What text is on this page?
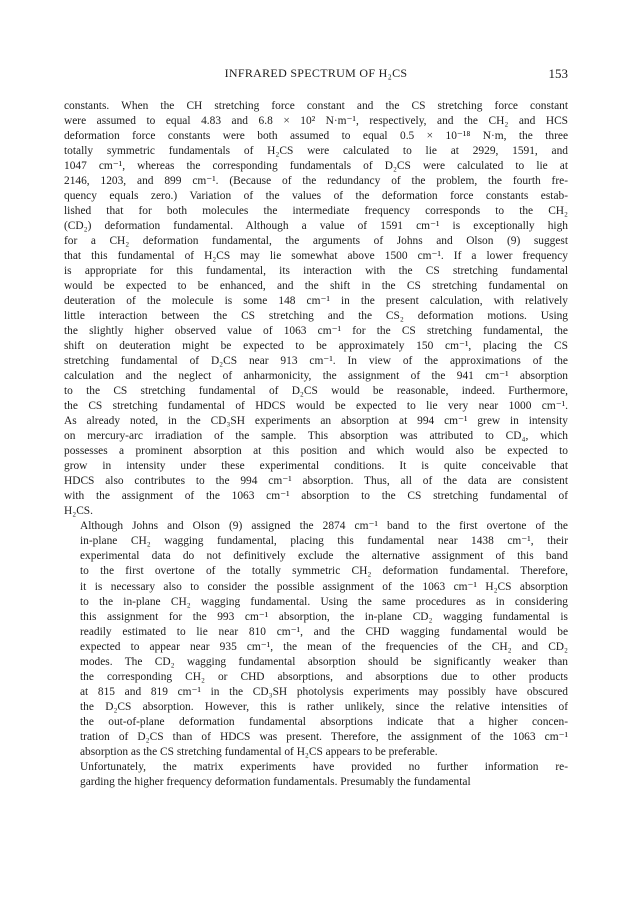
INFRARED SPECTRUM OF H₂CS	153

constants. When the CH stretching force constant and the CS stretching force constant
were assumed to equal 4.83 and 6.8 × 10² N·m⁻¹, respectively, and the CH₂ and HCS
deformation force constants were both assumed to equal 0.5 × 10⁻¹⁸ N·m, the three
totally symmetric fundamentals of H₂CS were calculated to lie at 2929, 1591, and
1047 cm⁻¹, whereas the corresponding fundamentals of D₂CS were calculated to lie at
2146, 1203, and 899 cm⁻¹. (Because of the redundancy of the problem, the fourth fre-
quency equals zero.) Variation of the values of the deformation force constants estab-
lished that for both molecules the intermediate frequency corresponds to the CH₂
(CD₂) deformation fundamental. Although a value of 1591 cm⁻¹ is exceptionally high
for a CH₂ deformation fundamental, the arguments of Johns and Olson (9) suggest
that this fundamental of H₂CS may lie somewhat above 1500 cm⁻¹. If a lower frequency
is appropriate for this fundamental, its interaction with the CS stretching fundamental
would be expected to be enhanced, and the shift in the CS stretching fundamental on
deuteration of the molecule is some 148 cm⁻¹ in the present calculation, with relatively
little interaction between the CS stretching and the CS₂ deformation motions. Using
the slightly higher observed value of 1063 cm⁻¹ for the CS stretching fundamental, the
shift on deuteration might be expected to be approximately 150 cm⁻¹, placing the CS
stretching fundamental of D₂CS near 913 cm⁻¹. In view of the approximations of the
calculation and the neglect of anharmonicity, the assignment of the 941 cm⁻¹ absorption
to the CS stretching fundamental of D₂CS would be reasonable, indeed. Furthermore,
the CS stretching fundamental of HDCS would be expected to lie very near 1000 cm⁻¹.
As already noted, in the CD₃SH experiments an absorption at 994 cm⁻¹ grew in intensity
on mercury-arc irradiation of the sample. This absorption was attributed to CD₄, which
possesses a prominent absorption at this position and which would also be expected to
grow in intensity under these experimental conditions. It is quite conceivable that
HDCS also contributes to the 994 cm⁻¹ absorption. Thus, all of the data are consistent
with the assignment of the 1063 cm⁻¹ absorption to the CS stretching fundamental of
H₂CS.

Although Johns and Olson (9) assigned the 2874 cm⁻¹ band to the first overtone of the
in-plane CH₂ wagging fundamental, placing this fundamental near 1438 cm⁻¹, their
experimental data do not definitively exclude the alternative assignment of this band
to the first overtone of the totally symmetric CH₂ deformation fundamental. Therefore,
it is necessary also to consider the possible assignment of the 1063 cm⁻¹ H₂CS absorption
to the in-plane CH₂ wagging fundamental. Using the same procedures as in considering
this assignment for the 993 cm⁻¹ absorption, the in-plane CD₂ wagging fundamental is
readily estimated to lie near 810 cm⁻¹, and the CHD wagging fundamental would be
expected to appear near 935 cm⁻¹, the mean of the frequencies of the CH₂ and CD₂
modes. The CD₂ wagging fundamental absorption should be significantly weaker than
the corresponding CH₂ or CHD absorptions, and absorptions due to other products
at 815 and 819 cm⁻¹ in the CD₃SH photolysis experiments may possibly have obscured
the D₂CS absorption. However, this is rather unlikely, since the relative intensities of
the out-of-plane deformation fundamental absorptions indicate that a higher concen-
tration of D₂CS than of HDCS was present. Therefore, the assignment of the 1063 cm⁻¹
absorption as the CS stretching fundamental of H₂CS appears to be preferable.

Unfortunately, the matrix experiments have provided no further information re-
garding the higher frequency deformation fundamentals. Presumably the fundamental
